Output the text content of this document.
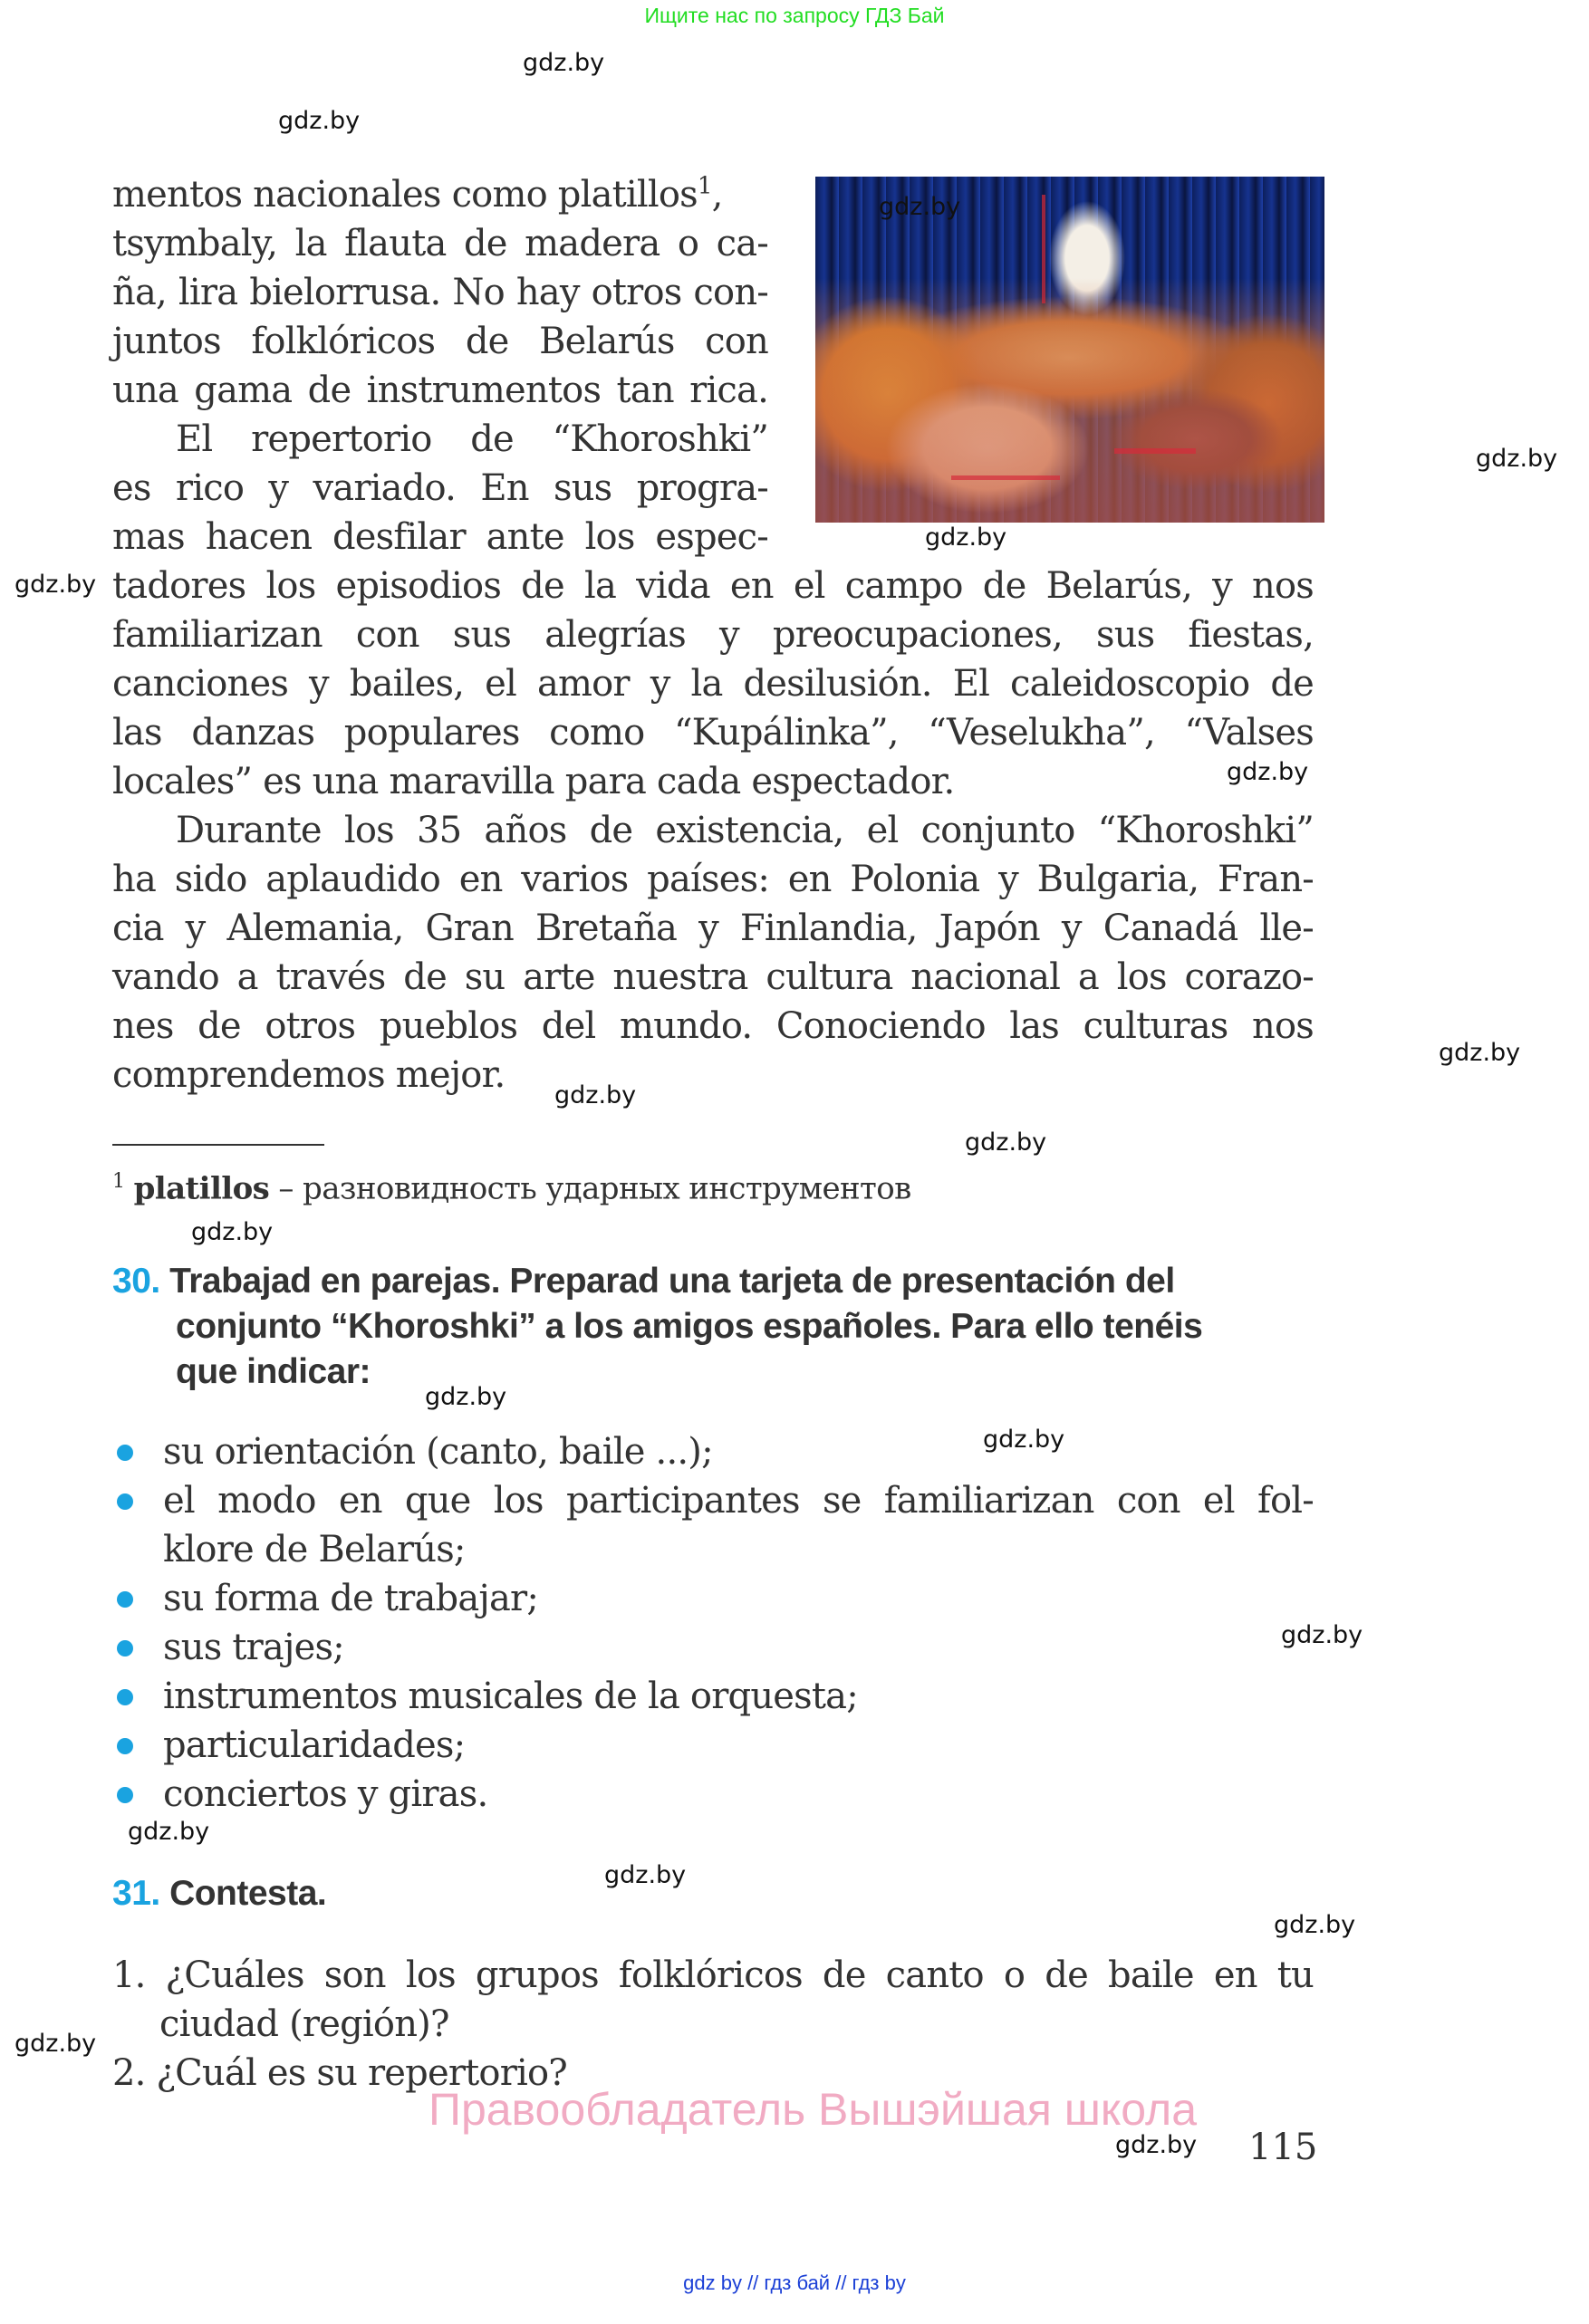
Ищите нас по запросу ГДЗ Бай
mentos nacionales como platillos$^1$,
tsymbaly, la flauta de madera o ca-
ña, lira bielorrusa. No hay otros con-
juntos folklóricos de Belarús con
una gama de instrumentos tan rica.
El repertorio de “Khoroshki”
es rico y variado. En sus progra-
mas hacen desfilar ante los espec-
tadores los episodios de la vida en el campo de Belarús, y nos
familiarizan con sus alegrías y preocupaciones, sus fiestas,
canciones y bailes, el amor y la desilusión. El caleidoscopio de
las danzas populares como “Kupálinka”, “Veselukha”, “Valses
locales” es una maravilla para cada espectador.
Durante los 35 años de existencia, el conjunto “Khoroshki”
ha sido aplaudido en varios países: en Polonia y Bulgaria, Fran-
cia y Alemania, Gran Bretaña y Finlandia, Japón y Canadá lle-
vando a través de su arte nuestra cultura nacional a los corazo-
nes de otros pueblos del mundo. Conociendo las culturas nos
comprendemos mejor.
$^1$ platillos – разновидность ударных инструментов
30. Trabajad en parejas. Preparad una tarjeta de presentación del
conjunto “Khoroshki” a los amigos españoles. Para ello tenéis
que indicar:
su orientación (canto, baile ...);
el modo en que los participantes se familiarizan con el fol-
klore de Belarús;
su forma de trabajar;
sus trajes;
instrumentos musicales de la orquesta;
particularidades;
conciertos y giras.
31. Contesta.
1. ¿Cuáles son los grupos folklóricos de canto o de baile en tu
ciudad (región)?
2. ¿Cuál es su repertorio?
Правообладатель Вышэйшая школа
115
gdz by // гдз бай // гдз by
gdz.by
gdz.by
gdz.by
gdz.by
gdz.by
gdz.by
gdz.by
gdz.by
gdz.by
gdz.by
gdz.by
gdz.by
gdz.by
gdz.by
gdz.by
gdz.by
gdz.by
gdz.by
gdz.by
